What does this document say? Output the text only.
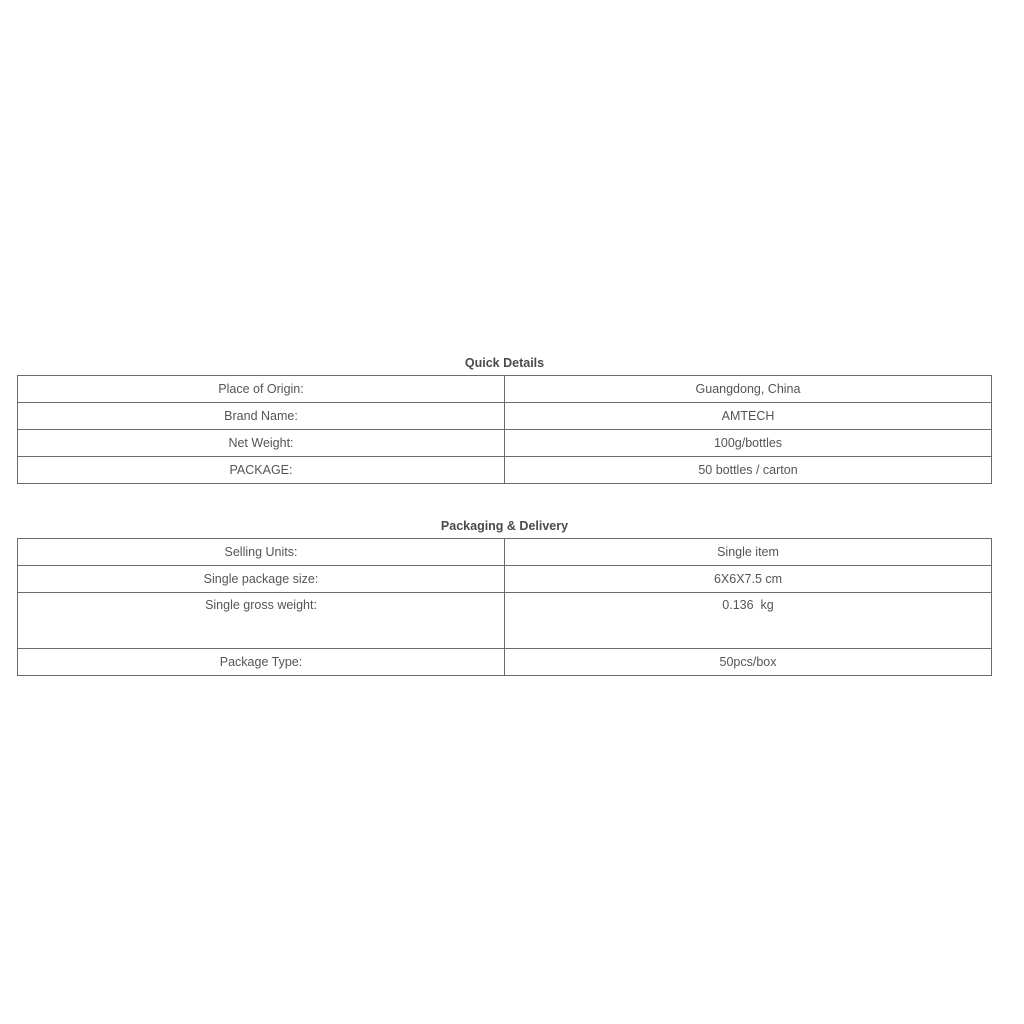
Quick Details
Place of Origin:	Guangdong, China
Brand Name:	AMTECH
Net Weight:	100g/bottles
PACKAGE:	50 bottles / carton
Packaging & Delivery
Selling Units:	Single item
Single package size:	6X6X7.5 cm
Single gross weight:	0.136  kg
Package Type:	50pcs/box
